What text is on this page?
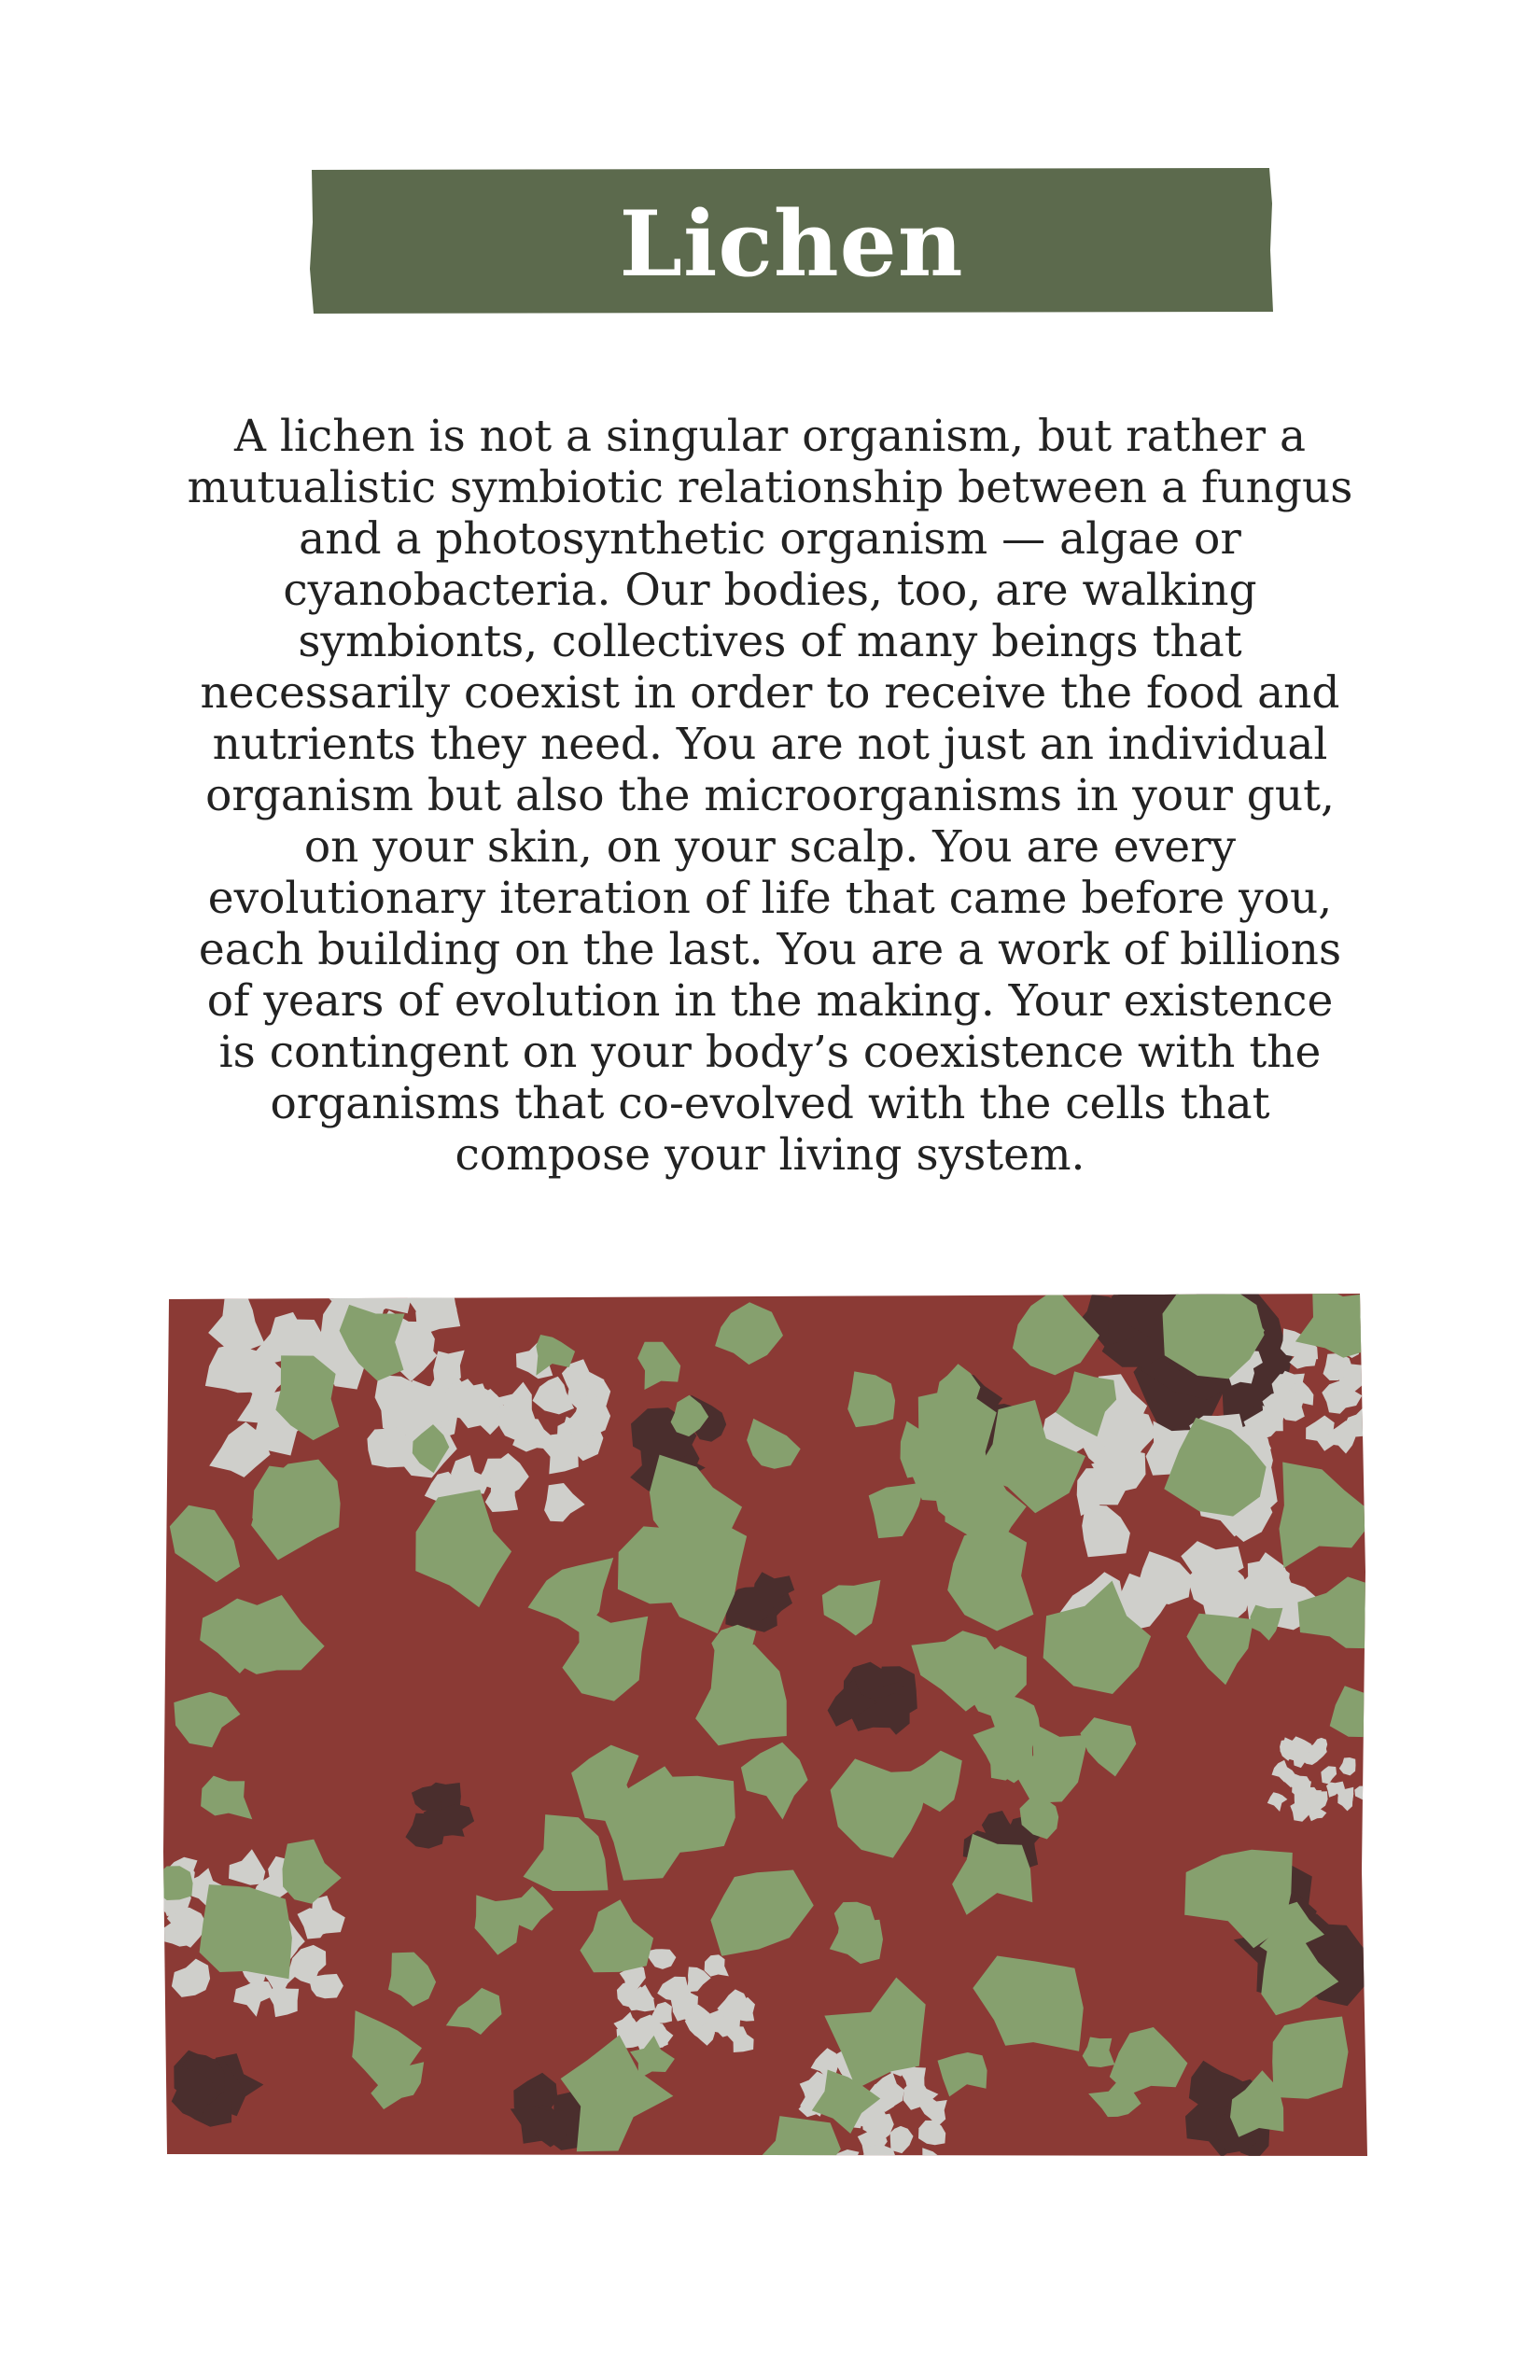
Lichen

A lichen is not a singular organism, but rather a mutualistic symbiotic relationship between a fungus and a photosynthetic organism — algae or cyanobacteria. Our bodies, too, are walking symbionts, collectives of many beings that necessarily coexist in order to receive the food and nutrients they need. You are not just an individual organism but also the microorganisms in your gut, on your skin, on your scalp. You are every evolutionary iteration of life that came before you, each building on the last. You are a work of billions of years of evolution in the making. Your existence is contingent on your body’s coexistence with the organisms that co-evolved with the cells that compose your living system.
